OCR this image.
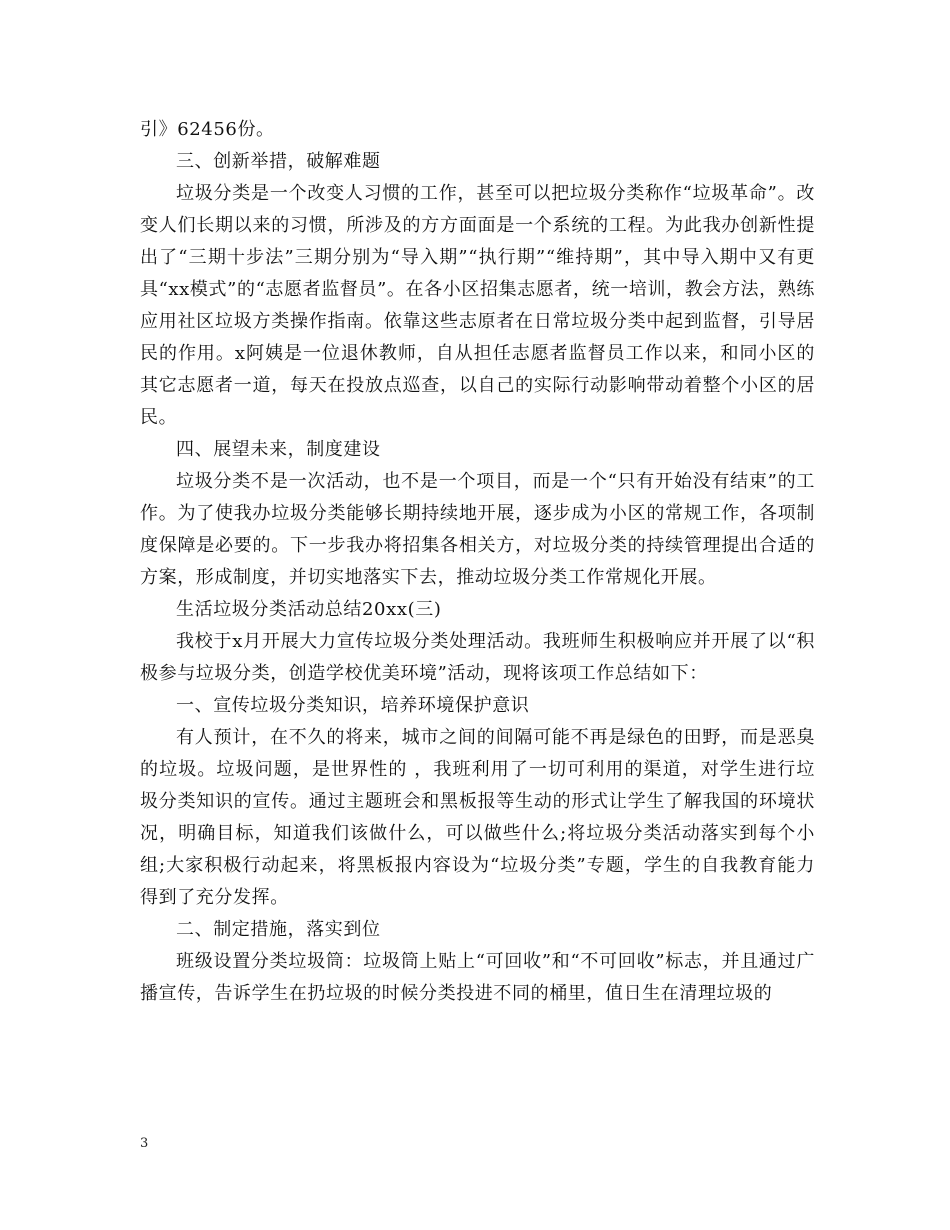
引》62456份。

三、创新举措，破解难题

垃圾分类是一个改变人习惯的工作，甚至可以把垃圾分类称作“垃圾革命”。改变人们长期以来的习惯，所涉及的方方面面是一个系统的工程。为此我办创新性提出了“三期十步法”三期分别为“导入期”“执行期”“维持期”，其中导入期中又有更具“xx模式”的“志愿者监督员”。在各小区招集志愿者，统一培训，教会方法，熟练应用社区垃圾方类操作指南。依靠这些志原者在日常垃圾分类中起到监督，引导居民的作用。x阿姨是一位退休教师，自从担任志愿者监督员工作以来，和同小区的其它志愿者一道，每天在投放点巡查，以自己的实际行动影响带动着整个小区的居民。

四、展望未来，制度建设

垃圾分类不是一次活动，也不是一个项目，而是一个“只有开始没有结束”的工作。为了使我办垃圾分类能够长期持续地开展，逐步成为小区的常规工作，各项制度保障是必要的。下一步我办将招集各相关方，对垃圾分类的持续管理提出合适的方案，形成制度，并切实地落实下去，推动垃圾分类工作常规化开展。

生活垃圾分类活动总结20xx(三)

我校于x月开展大力宣传垃圾分类处理活动。我班师生积极响应并开展了以“积极参与垃圾分类，创造学校优美环境”活动，现将该项工作总结如下：

一、宣传垃圾分类知识，培养环境保护意识

有人预计，在不久的将来，城市之间的间隔可能不再是绿色的田野，而是恶臭的垃圾。垃圾问题，是世界性的 ，我班利用了一切可利用的渠道，对学生进行垃圾分类知识的宣传。通过主题班会和黑板报等生动的形式让学生了解我国的环境状况，明确目标，知道我们该做什么，可以做些什么;将垃圾分类活动落实到每个小组;大家积极行动起来，将黑板报内容设为“垃圾分类”专题，学生的自我教育能力得到了充分发挥。

二、制定措施，落实到位

班级设置分类垃圾筒：垃圾筒上贴上“可回收”和“不可回收”标志，并且通过广播宣传，告诉学生在扔垃圾的时候分类投进不同的桶里，值日生在清理垃圾的

3
